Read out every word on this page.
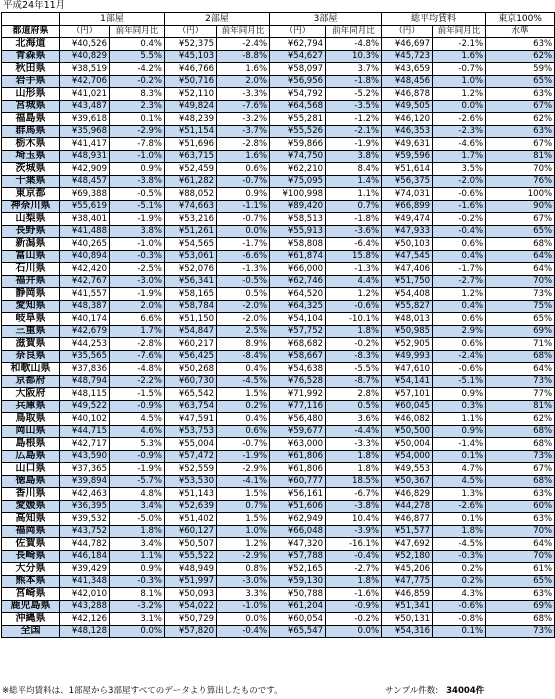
平成24年11月
	1部屋		2部屋		3部屋		総平均賃料		東京100%
都道府県	（円）	前年同月比	（円）	前年同月比	（円）	前年同月比	（円）	前年同月比	水準
北海道	¥40,526	0.4%	¥52,375	-2.4%	¥62,794	-4.8%	¥46,697	-2.1%	63%
青森県	¥40,829	5.5%	¥45,103	-8.8%	¥54,627	10.3%	¥45,723	1.6%	62%
秋田県	¥38,519	-4.2%	¥46,766	1.6%	¥58,097	3.7%	¥43,659	-0.7%	59%
岩手県	¥42,706	-0.2%	¥50,716	2.0%	¥56,956	-1.8%	¥48,456	1.0%	65%
山形県	¥41,021	8.3%	¥52,110	-3.3%	¥54,792	-5.2%	¥46,878	1.2%	63%
宮城県	¥43,487	2.3%	¥49,824	-7.6%	¥64,568	-3.5%	¥49,505	0.0%	67%
福島県	¥39,618	0.1%	¥48,239	-3.2%	¥55,281	-1.2%	¥46,120	-2.6%	62%
群馬県	¥35,968	-2.9%	¥51,154	-3.7%	¥55,526	-2.1%	¥46,353	-2.3%	63%
栃木県	¥41,417	-7.8%	¥51,696	-2.8%	¥59,866	-1.9%	¥49,631	-4.6%	67%
埼玉県	¥48,931	-1.0%	¥63,715	1.6%	¥74,750	3.8%	¥59,596	1.7%	81%
茨城県	¥42,909	0.9%	¥52,459	0.6%	¥62,210	8.4%	¥51,614	3.5%	70%
千葉県	¥48,457	-3.8%	¥61,282	-0.7%	¥75,095	1.4%	¥56,375	-2.0%	76%
東京都	¥69,388	-0.5%	¥88,052	0.9%	¥100,998	1.1%	¥74,031	-0.6%	100%
神奈川県	¥55,619	-5.1%	¥74,663	-1.1%	¥89,420	0.7%	¥66,899	-1.6%	90%
山梨県	¥38,401	-1.9%	¥53,216	-0.7%	¥58,513	-1.8%	¥49,474	-0.2%	67%
長野県	¥41,488	3.8%	¥51,261	0.0%	¥55,913	-3.6%	¥47,933	-0.4%	65%
新潟県	¥40,265	-1.0%	¥54,565	-1.7%	¥58,808	-6.4%	¥50,103	0.6%	68%
富山県	¥40,894	-0.3%	¥53,061	-6.6%	¥61,874	15.8%	¥47,545	0.4%	64%
石川県	¥42,420	-2.5%	¥52,076	-1.3%	¥66,000	-1.3%	¥47,406	-1.7%	64%
福井県	¥42,767	-3.0%	¥56,341	-0.5%	¥62,746	4.4%	¥51,750	-2.7%	70%
静岡県	¥41,557	-1.9%	¥58,165	0.5%	¥64,520	1.2%	¥54,408	1.2%	73%
愛知県	¥48,387	2.0%	¥58,784	-2.0%	¥64,325	-0.6%	¥55,827	0.4%	75%
岐阜県	¥40,174	6.6%	¥51,150	-2.0%	¥54,104	-10.1%	¥48,013	0.6%	65%
三重県	¥42,679	1.7%	¥54,847	2.5%	¥57,752	1.8%	¥50,985	2.9%	69%
滋賀県	¥44,253	-2.8%	¥60,217	8.9%	¥68,682	-0.2%	¥52,905	0.6%	71%
奈良県	¥35,565	-7.6%	¥56,425	-8.4%	¥58,667	-8.3%	¥49,993	-2.4%	68%
和歌山県	¥37,836	-4.8%	¥50,268	0.4%	¥54,638	-5.5%	¥47,610	-0.6%	64%
京都府	¥48,794	-2.2%	¥60,730	-4.5%	¥76,528	-8.7%	¥54,141	-5.1%	73%
大阪府	¥48,115	-1.5%	¥65,542	1.5%	¥71,992	2.8%	¥57,101	0.9%	77%
兵庫県	¥49,522	-0.9%	¥63,754	0.2%	¥77,116	0.5%	¥60,045	0.3%	81%
鳥取県	¥40,102	4.5%	¥47,591	0.4%	¥56,480	3.6%	¥46,082	1.1%	62%
岡山県	¥44,715	4.6%	¥53,753	0.6%	¥59,677	-4.4%	¥50,500	0.9%	68%
島根県	¥42,717	5.3%	¥55,004	-0.7%	¥63,000	-3.3%	¥50,004	-1.4%	68%
広島県	¥43,590	-0.9%	¥57,472	-1.9%	¥61,806	1.8%	¥54,000	0.1%	73%
山口県	¥37,365	-1.9%	¥52,559	-2.9%	¥61,806	1.8%	¥49,553	4.7%	67%
徳島県	¥39,894	-5.7%	¥53,530	-4.1%	¥60,777	18.5%	¥50,367	4.5%	68%
香川県	¥42,463	4.8%	¥51,143	1.5%	¥56,161	-6.7%	¥46,829	1.3%	63%
愛媛県	¥36,395	3.4%	¥52,639	0.7%	¥51,606	-3.8%	¥44,278	-2.6%	60%
高知県	¥39,532	-5.0%	¥51,402	1.5%	¥62,949	10.4%	¥46,877	0.1%	63%
福岡県	¥43,752	1.8%	¥60,127	1.0%	¥66,048	-3.9%	¥51,577	1.8%	70%
佐賀県	¥44,782	3.4%	¥50,507	1.2%	¥47,320	-16.1%	¥47,692	-4.5%	64%
長崎県	¥46,184	1.1%	¥55,522	-2.9%	¥57,788	-0.4%	¥52,180	-0.3%	70%
大分県	¥39,429	0.9%	¥48,949	0.8%	¥52,165	-2.7%	¥45,206	0.2%	61%
熊本県	¥41,348	-0.3%	¥51,997	-3.0%	¥59,130	1.8%	¥47,775	0.2%	65%
宮崎県	¥42,010	8.1%	¥50,093	3.3%	¥50,788	-1.6%	¥46,859	4.3%	63%
鹿児島県	¥43,288	-3.2%	¥54,022	-1.0%	¥61,204	-0.9%	¥51,341	-0.6%	69%
沖縄県	¥42,126	3.1%	¥50,729	0.0%	¥60,054	-0.2%	¥50,131	-0.8%	68%
全国	¥48,128	0.0%	¥57,820	-0.4%	¥65,547	0.0%	¥54,316	0.1%	73%
※総平均賃料は、1部屋から3部屋すべてのデータより算出したものです。	サンプル件数: 34004件
